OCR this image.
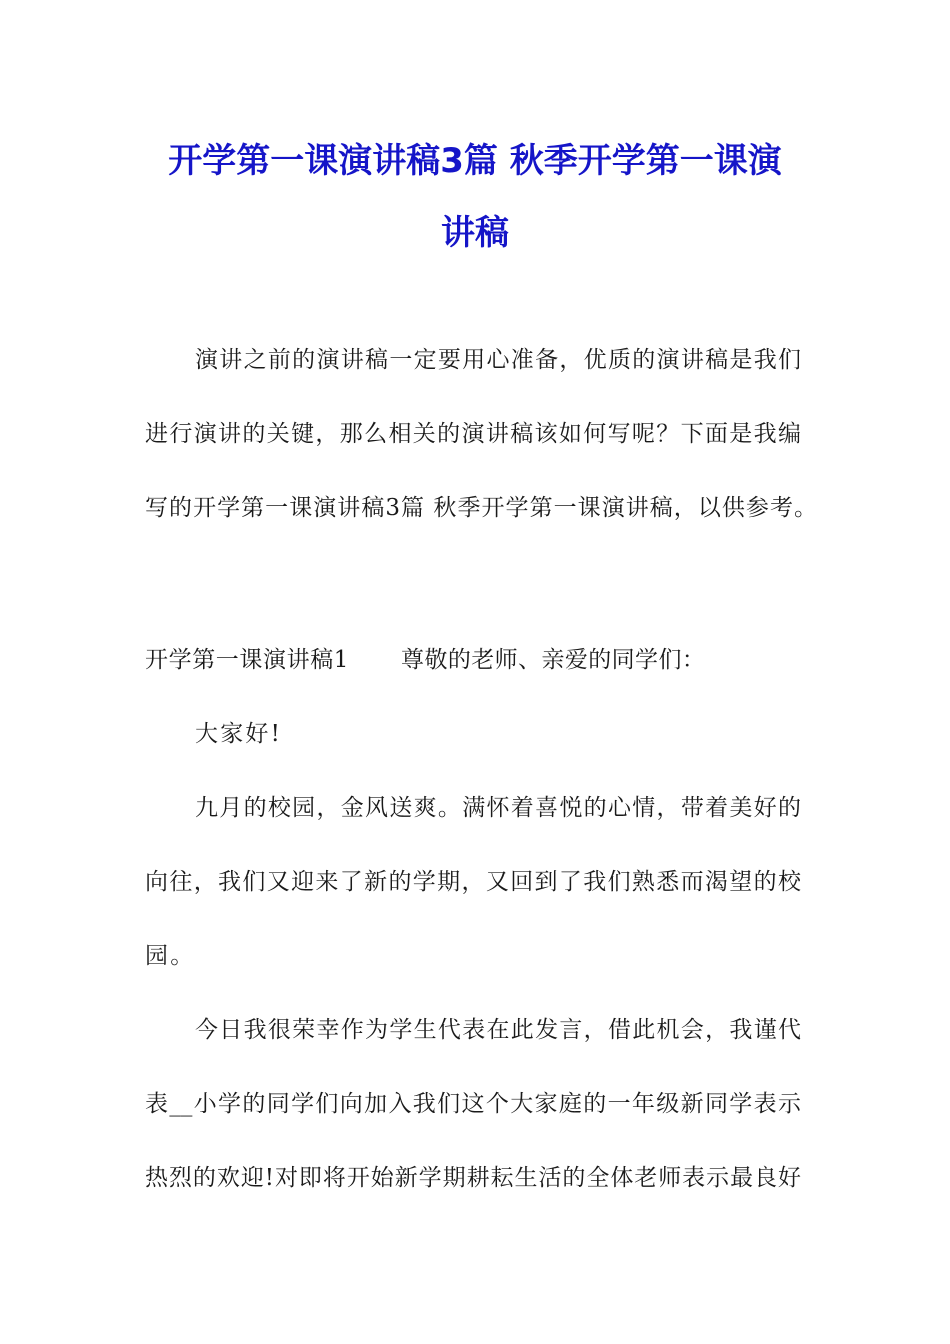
开学第一课演讲稿3篇 秋季开学第一课演
讲稿
演讲之前的演讲稿一定要用心准备，优质的演讲稿是我们
进行演讲的关键，那么相关的演讲稿该如何写呢？下面是我编
写的开学第一课演讲稿3篇 秋季开学第一课演讲稿，以供参考。
开学第一课演讲稿1 尊敬的老师、亲爱的同学们：
大家好!
九月的校园，金风送爽。满怀着喜悦的心情，带着美好的
向往，我们又迎来了新的学期，又回到了我们熟悉而渴望的校
园。
今日我很荣幸作为学生代表在此发言，借此机会，我谨代
表__小学的同学们向加入我们这个大家庭的一年级新同学表示
热烈的欢迎!对即将开始新学期耕耘生活的全体老师表示最良好
